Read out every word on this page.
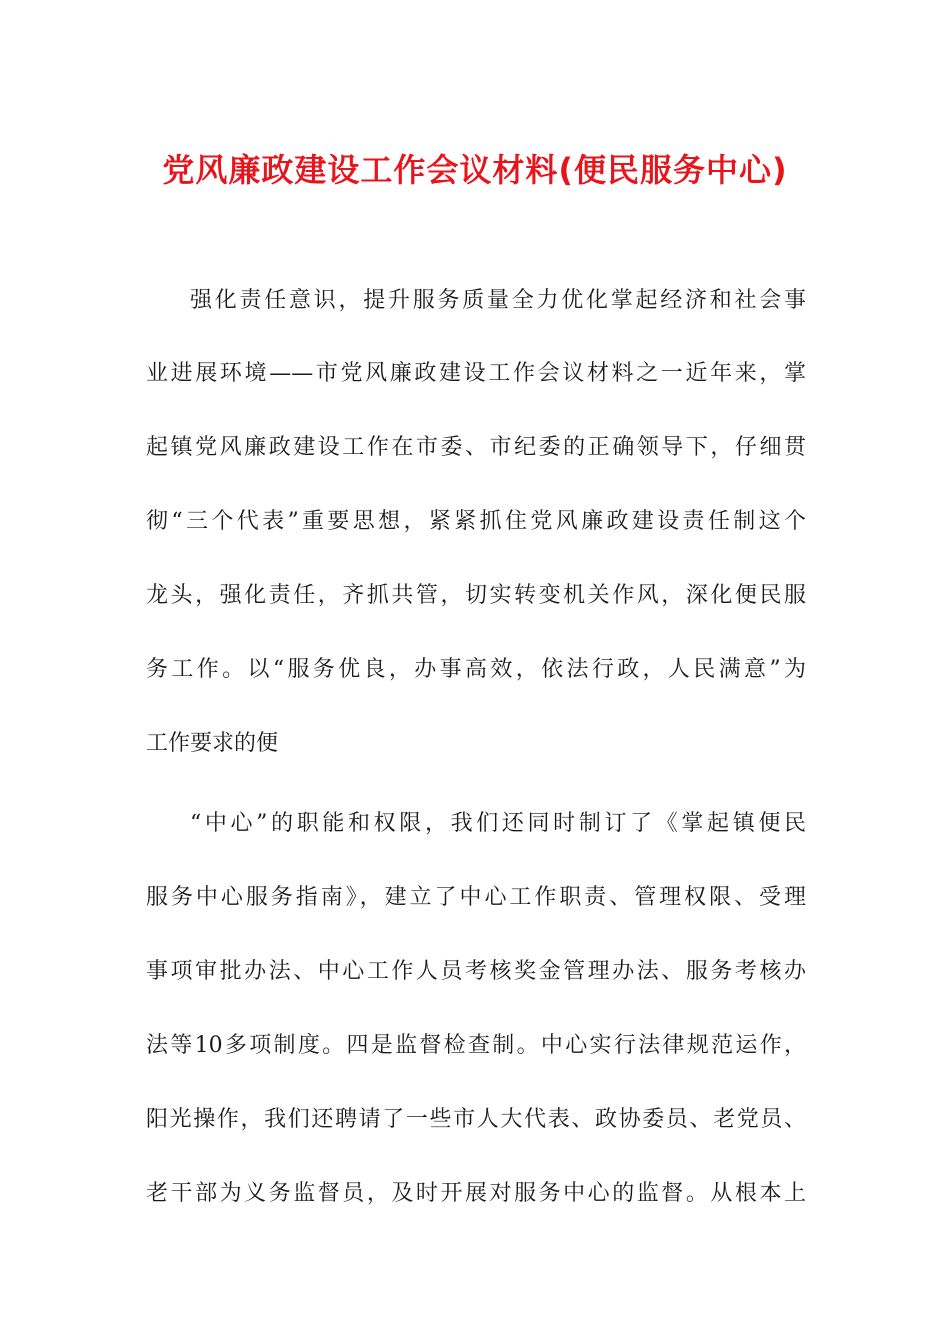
党风廉政建设工作会议材料(便民服务中心)
强化责任意识，提升服务质量全力优化掌起经济和社会事
业进展环境——市党风廉政建设工作会议材料之一近年来，掌
起镇党风廉政建设工作在市委、市纪委的正确领导下，仔细贯
彻“三个代表”重要思想，紧紧抓住党风廉政建设责任制这个
龙头，强化责任，齐抓共管，切实转变机关作风，深化便民服
务工作。以“服务优良，办事高效，依法行政，人民满意”为
工作要求的便
“中心”的职能和权限，我们还同时制订了《掌起镇便民
服务中心服务指南》，建立了中心工作职责、管理权限、受理
事项审批办法、中心工作人员考核奖金管理办法、服务考核办
法等10多项制度。四是监督检查制。中心实行法律规范运作，
阳光操作，我们还聘请了一些市人大代表、政协委员、老党员、
老干部为义务监督员，及时开展对服务中心的监督。从根本上
